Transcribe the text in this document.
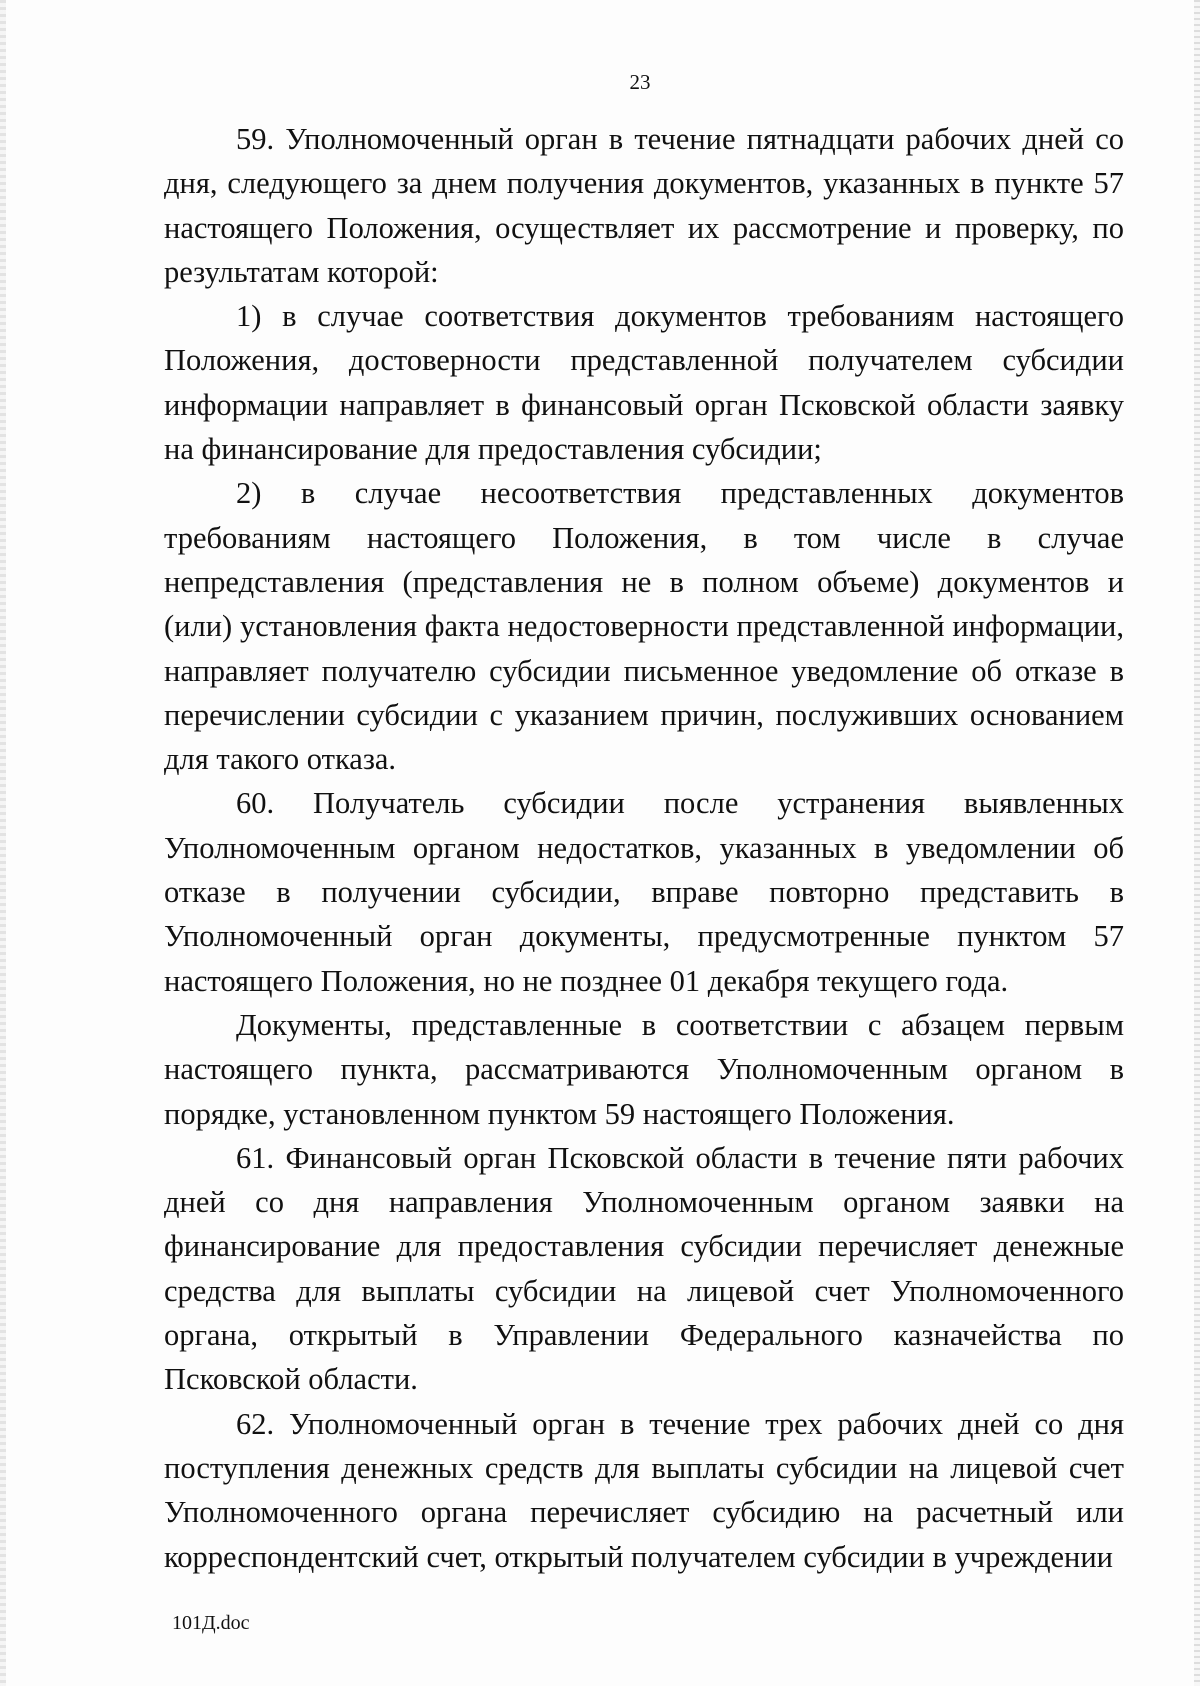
23

59. Уполномоченный орган в течение пятнадцати рабочих дней со дня, следующего за днем получения документов, указанных в пункте 57 настоящего Положения, осуществляет их рассмотрение и проверку, по результатам которой:

1) в случае соответствия документов требованиям настоящего Положения, достоверности представленной получателем субсидии информации направляет в финансовый орган Псковской области заявку на финансирование для предоставления субсидии;

2) в случае несоответствия представленных документов требованиям настоящего Положения, в том числе в случае непредставления (представления не в полном объеме) документов и (или) установления факта недостоверности представленной информации, направляет получателю субсидии письменное уведомление об отказе в перечислении субсидии с указанием причин, послуживших основанием для такого отказа.

60. Получатель субсидии после устранения выявленных Уполномоченным органом недостатков, указанных в уведомлении об отказе в получении субсидии, вправе повторно представить в Уполномоченный орган документы, предусмотренные пунктом 57 настоящего Положения, но не позднее 01 декабря текущего года.

Документы, представленные в соответствии с абзацем первым настоящего пункта, рассматриваются Уполномоченным органом в порядке, установленном пунктом 59 настоящего Положения.

61. Финансовый орган Псковской области в течение пяти рабочих дней со дня направления Уполномоченным органом заявки на финансирование для предоставления субсидии перечисляет денежные средства для выплаты субсидии на лицевой счет Уполномоченного органа, открытый в Управлении Федерального казначейства по Псковской области.

62. Уполномоченный орган в течение трех рабочих дней со дня поступления денежных средств для выплаты субсидии на лицевой счет Уполномоченного органа перечисляет субсидию на расчетный или корреспондентский счет, открытый получателем субсидии в учреждении

101Д.doc
